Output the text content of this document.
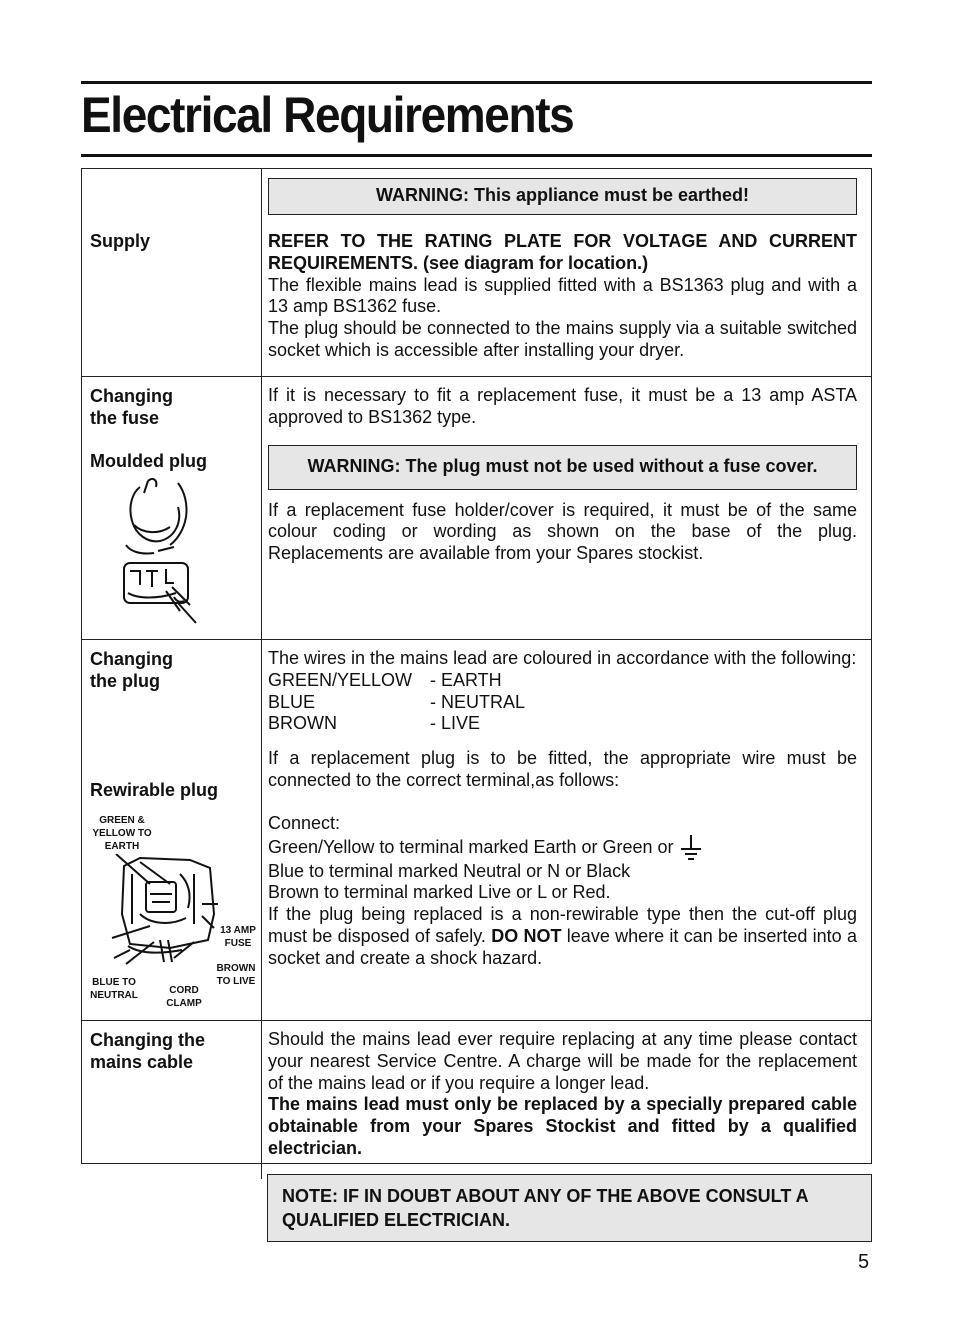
Electrical Requirements
Supply
WARNING: This appliance must be earthed!
REFER TO THE RATING PLATE FOR VOLTAGE AND CURRENT REQUIREMENTS. (see diagram for location.)
The flexible mains lead is supplied fitted with a BS1363 plug and with a 13 amp BS1362 fuse.
The plug should be connected to the mains supply via a suitable switched socket which is accessible after installing your dryer.
Changing
the fuse
Moulded plug
If it is necessary to fit a replacement fuse, it must be a 13 amp ASTA approved to BS1362 type.
WARNING: The plug must not be used without a fuse cover.
If a replacement fuse holder/cover is required, it must be of the same colour coding or wording as shown on the base of the plug. Replacements are available from your Spares stockist.
Changing
the plug
Rewirable plug
GREEN &
YELLOW TO
EARTH
13 AMP
FUSE
BROWN
TO LIVE
BLUE TO
NEUTRAL	CORD
CLAMP
The wires in the mains lead are coloured in accordance with the following:
GREEN/YELLOW - EARTH
BLUE	- NEUTRAL
BROWN	- LIVE
If a replacement plug is to be fitted, the appropriate wire must be connected to the correct terminal,as follows:
Connect:
Green/Yellow to terminal marked Earth or Green or
Blue to terminal marked Neutral or N or Black
Brown to terminal marked Live or L or Red.
If the plug being replaced is a non-rewirable type then the cut-off plug must be disposed of safely. DO NOT leave where it can be inserted into a socket and create a shock hazard.
Changing the
mains cable
Should the mains lead ever require replacing at any time please contact your nearest Service Centre. A charge will be made for the replacement of the mains lead or if you require a longer lead.
The mains lead must only be replaced by a specially prepared cable obtainable from your Spares Stockist and fitted by a qualified electrician.
NOTE: IF IN DOUBT ABOUT ANY OF THE ABOVE CONSULT A QUALIFIED ELECTRICIAN.
5
